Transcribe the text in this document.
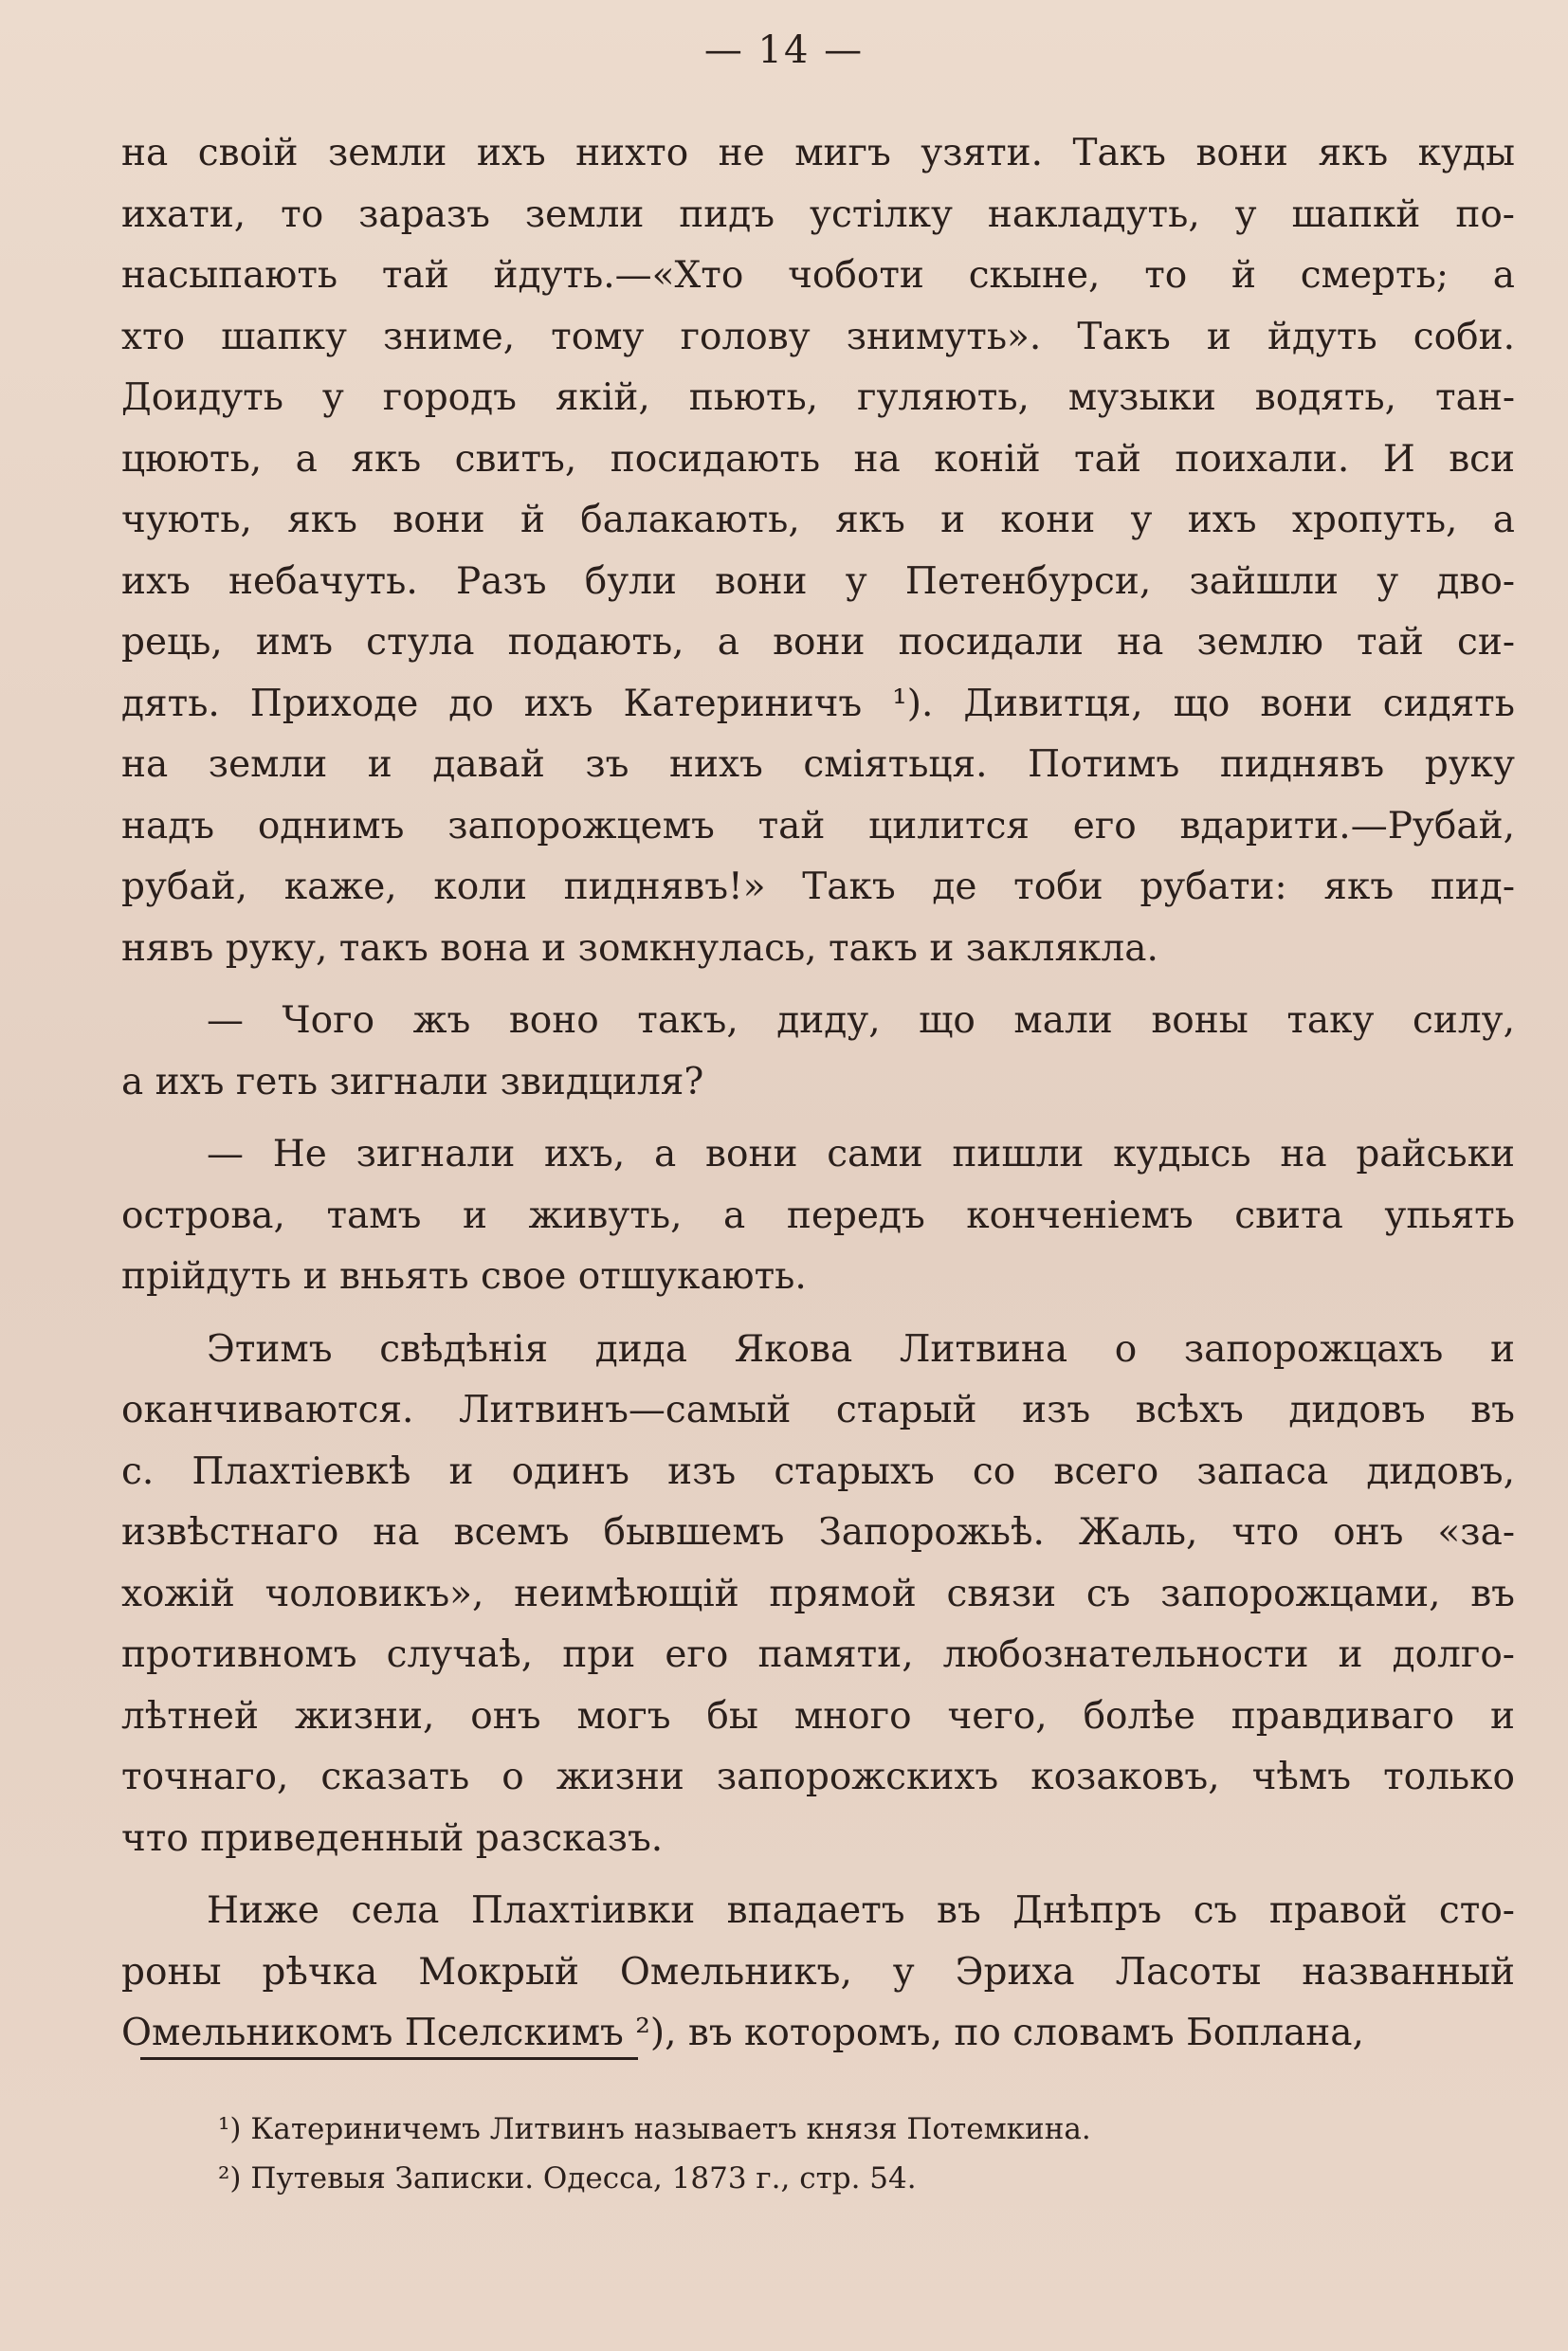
— 14 —
на своій земли ихъ нихто не мигъ узяти. Такъ вони якъ куды
ихати, то заразъ земли пидъ устілку накладуть, у шапкй по-
насыпають тай йдуть.—«Хто чоботи скыне, то й смерть; а
хто шапку зниме, тому голову знимуть». Такъ и йдуть соби.
Доидуть у городъ якій, пьють, гуляють, музыки водять, тан-
цюють, а якъ свитъ, посидають на коній тай поихали. И вси
чують, якъ вони й балакають, якъ и кони у ихъ хропуть, а
ихъ небачуть. Разъ були вони у Петенбурси, зайшли у дво-
рець, имъ стула подають, а вони посидали на землю тай си-
дять. Приходе до ихъ Катериничъ ¹). Дивитця, що вони сидять
на земли и давай зъ нихъ сміятьця. Потимъ пиднявъ руку
надъ однимъ запорожцемъ тай цилится его вдарити.—Рубай,
рубай, каже, коли пиднявъ!» Такъ де тоби рубати: якъ пид-
нявъ руку, такъ вона и зомкнулась, такъ и заклякла.
— Чого жъ воно такъ, диду, що мали воны таку силу,
а ихъ геть зигнали звидциля?
— Не зигнали ихъ, а вони сами пишли кудысь на райськи
острова, тамъ и живуть, а передъ конченіемъ свита упьять
прійдуть и вньять свое отшукають.
Этимъ свѣдѣнія дида Якова Литвина о запорожцахъ и
оканчиваются. Литвинъ—самый старый изъ всѣхъ дидовъ въ
с. Плахтіевкѣ и одинъ изъ старыхъ со всего запаса дидовъ,
извѣстнаго на всемъ бывшемъ Запорожьѣ. Жаль, что онъ «за-
хожій чоловикъ», неимѣющій прямой связи съ запорожцами, въ
противномъ случаѣ, при его памяти, любознательности и долго-
лѣтней жизни, онъ могъ бы много чего, болѣе правдиваго и
точнаго, сказать о жизни запорожскихъ козаковъ, чѣмъ только
что приведенный разсказъ.
Ниже села Плахтіивки впадаетъ въ Днѣпръ съ правой сто-
роны рѣчка Мокрый Омельникъ, у Эриха Ласоты названный
Омельникомъ Пселскимъ ²), въ которомъ, по словамъ Боплана,
¹) Катериничемъ Литвинъ называетъ князя Потемкина.
²) Путевыя Записки. Одесса, 1873 г., стр. 54.
